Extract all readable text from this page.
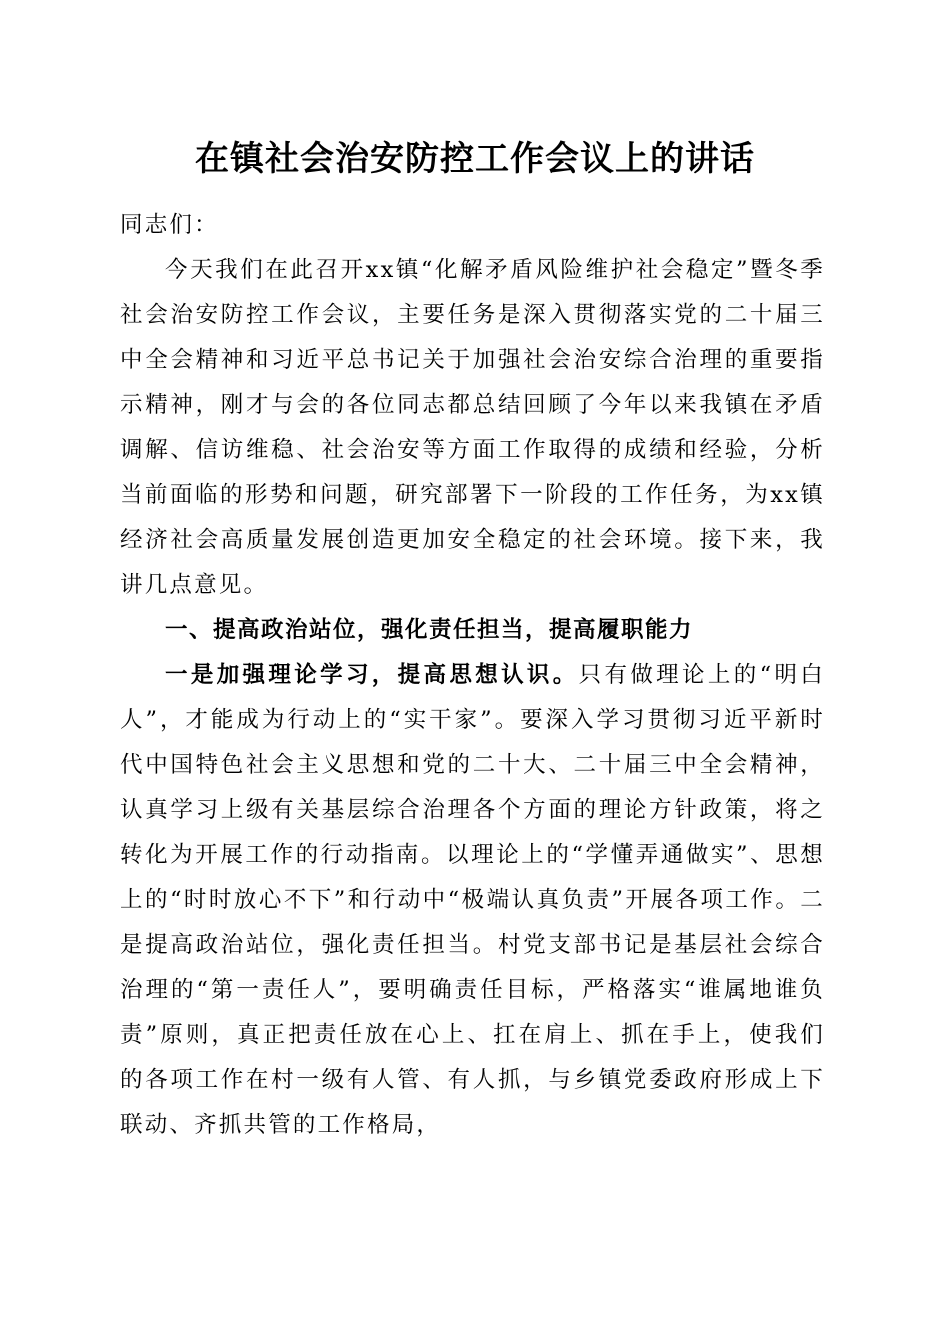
在镇社会治安防控工作会议上的讲话

同志们：

今天我们在此召开xx镇“化解矛盾风险维护社会稳定”暨冬季社会治安防控工作会议，主要任务是深入贯彻落实党的二十届三中全会精神和习近平总书记关于加强社会治安综合治理的重要指示精神，刚才与会的各位同志都总结回顾了今年以来我镇在矛盾调解、信访维稳、社会治安等方面工作取得的成绩和经验，分析当前面临的形势和问题，研究部署下一阶段的工作任务，为xx镇经济社会高质量发展创造更加安全稳定的社会环境。接下来，我讲几点意见。

一、提高政治站位，强化责任担当，提高履职能力

一是加强理论学习，提高思想认识。只有做理论上的“明白人”，才能成为行动上的“实干家”。要深入学习贯彻习近平新时代中国特色社会主义思想和党的二十大、二十届三中全会精神，认真学习上级有关基层综合治理各个方面的理论方针政策，将之转化为开展工作的行动指南。以理论上的“学懂弄通做实”、思想上的“时时放心不下”和行动中“极端认真负责”开展各项工作。二是提高政治站位，强化责任担当。村党支部书记是基层社会综合治理的“第一责任人”，要明确责任目标，严格落实“谁属地谁负责”原则，真正把责任放在心上、扛在肩上、抓在手上，使我们的各项工作在村一级有人管、有人抓，与乡镇党委政府形成上下联动、齐抓共管的工作格局，
